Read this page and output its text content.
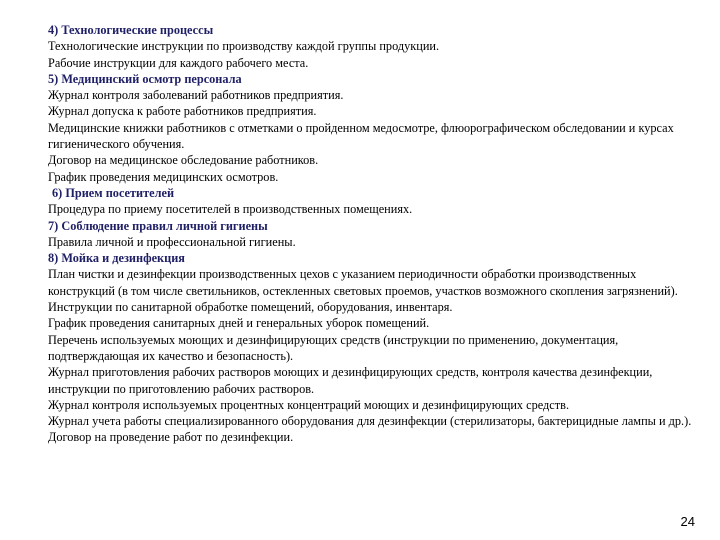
4) Технологические процессы
Технологические инструкции по производству каждой группы продукции.
Рабочие инструкции для каждого рабочего места.
5) Медицинский осмотр персонала
Журнал контроля заболеваний работников предприятия.
Журнал допуска к работе работников предприятия.
Медицинские книжки работников с отметками о пройденном медосмотре, флюорографическом обследовании и курсах гигиенического обучения.
Договор на медицинское обследование работников.
График проведения медицинских осмотров.
6) Прием посетителей
Процедура по приему посетителей в производственных помещениях.
7) Соблюдение правил личной гигиены
Правила личной и профессиональной гигиены.
8) Мойка и дезинфекция
План чистки и дезинфекции производственных цехов с указанием периодичности обработки производственных конструкций (в том числе светильников, остекленных световых проемов, участков возможного скопления загрязнений).
Инструкции по санитарной обработке помещений, оборудования, инвентаря.
График проведения санитарных дней и генеральных уборок помещений.
Перечень используемых моющих и дезинфицирующих средств (инструкции по применению, документация, подтверждающая их качество и безопасность).
Журнал приготовления рабочих растворов моющих и дезинфицирующих средств, контроля качества дезинфекции, инструкции по приготовлению рабочих растворов.
Журнал контроля используемых процентных концентраций моющих и дезинфицирующих средств.
Журнал учета работы специализированного оборудования для дезинфекции (стерилизаторы, бактерицидные лампы и др.).
Договор на проведение работ по дезинфекции.
24
